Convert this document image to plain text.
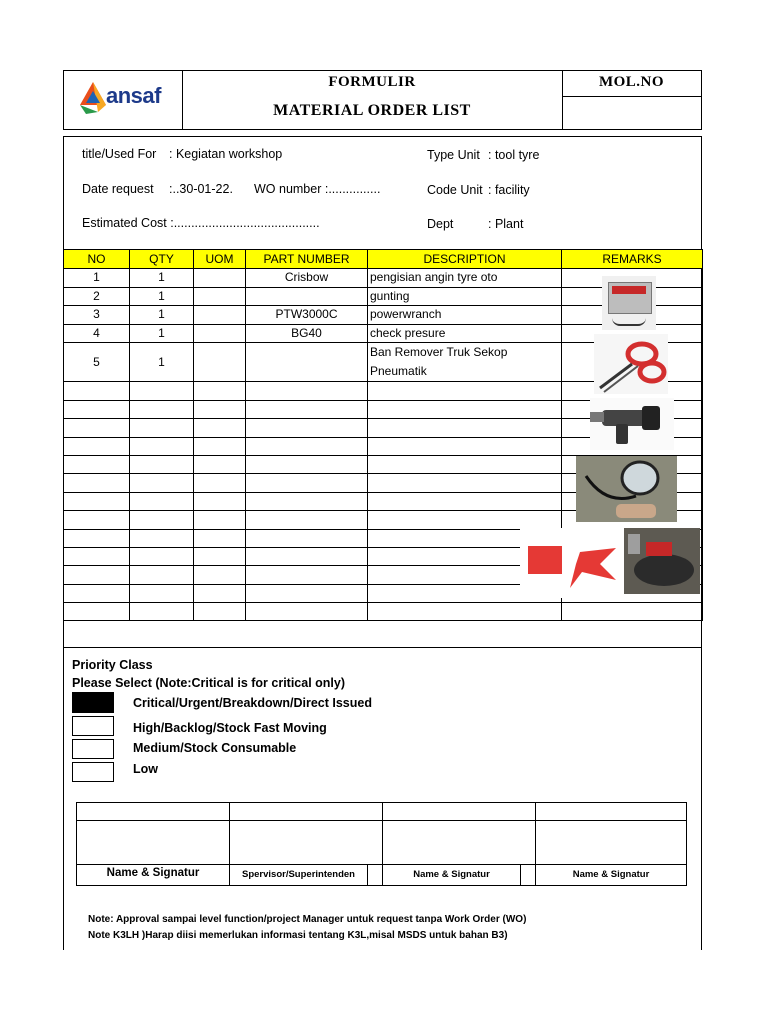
ansaf
FORMULIR
MATERIAL ORDER LIST
MOL.NO
title/Used For : Kegiatan workshop
Date request :..30-01-22. WO number :...............
Estimated Cost :..........................................
Type Unit : tool tyre
Code Unit : facility
Dept	: Plant
NO	QTY	UOM	PART NUMBER	DESCRIPTION	REMARKS
1	1		Crisbow	pengisian angin tyre oto	
2	1			gunting	
3	1		PTW3000C	powerwranch	
4	1		BG40	check presure	
5	1			Ban Remover Truk Sekop
Pneumatik	

Priority Class
Please Select (Note:Critical is for critical only)
Critical/Urgent/Breakdown/Direct Issued
High/Backlog/Stock Fast Moving
Medium/Stock Consumable
Low
Name & Signatur	Spervisor/Superintenden	Name & Signatur	Name & Signatur
Note: Approval sampai level function/project Manager untuk request tanpa Work Order (WO)
Note K3LH )Harap diisi memerlukan informasi tentang K3L,misal MSDS untuk bahan B3)
